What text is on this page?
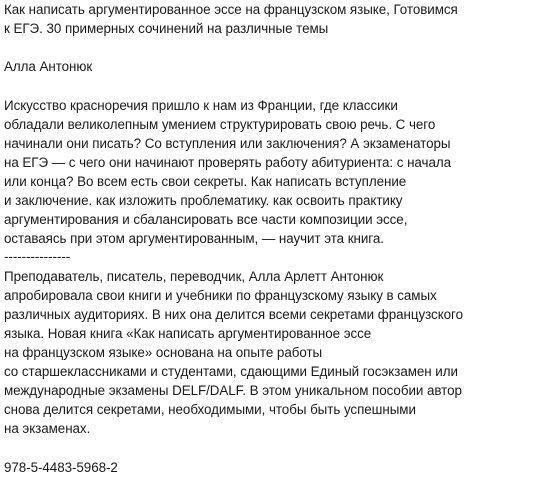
Как написать аргументированное эссе на французском языке, Готовимся
к ЕГЭ. 30 примерных сочинений на различные темы
Алла Антонюк
Искусство красноречия пришло к нам из Франции, где классики
обладали великолепным умением структурировать свою речь. С чего
начинали они писать? Со вступления или заключения? А экзаменаторы
на ЕГЭ — с чего они начинают проверять работу абитуриента: с начала
или конца? Во всем есть свои секреты. Как написать вступление
и заключение. как изложить проблематику. как освоить практику
аргументирования и сбалансировать все части композиции эссе,
оставаясь при этом аргументированным, — научит эта книга.
---------------
Преподаватель, писатель, переводчик, Алла Арлетт Антонюк
апробировала свои книги и учебники по французскому языку в самых
различных аудиториях. В них она делится всеми секретами французского
языка. Новая книга «Как написать аргументированное эссе
на французском языке» основана на опыте работы
со старшеклассниками и студентами, сдающими Единый госэкзамен или
международные экзамены DELF/DALF. В этом уникальном пособии автор
снова делится секретами, необходимыми, чтобы быть успешными
на экзаменах.
978-5-4483-5968-2
